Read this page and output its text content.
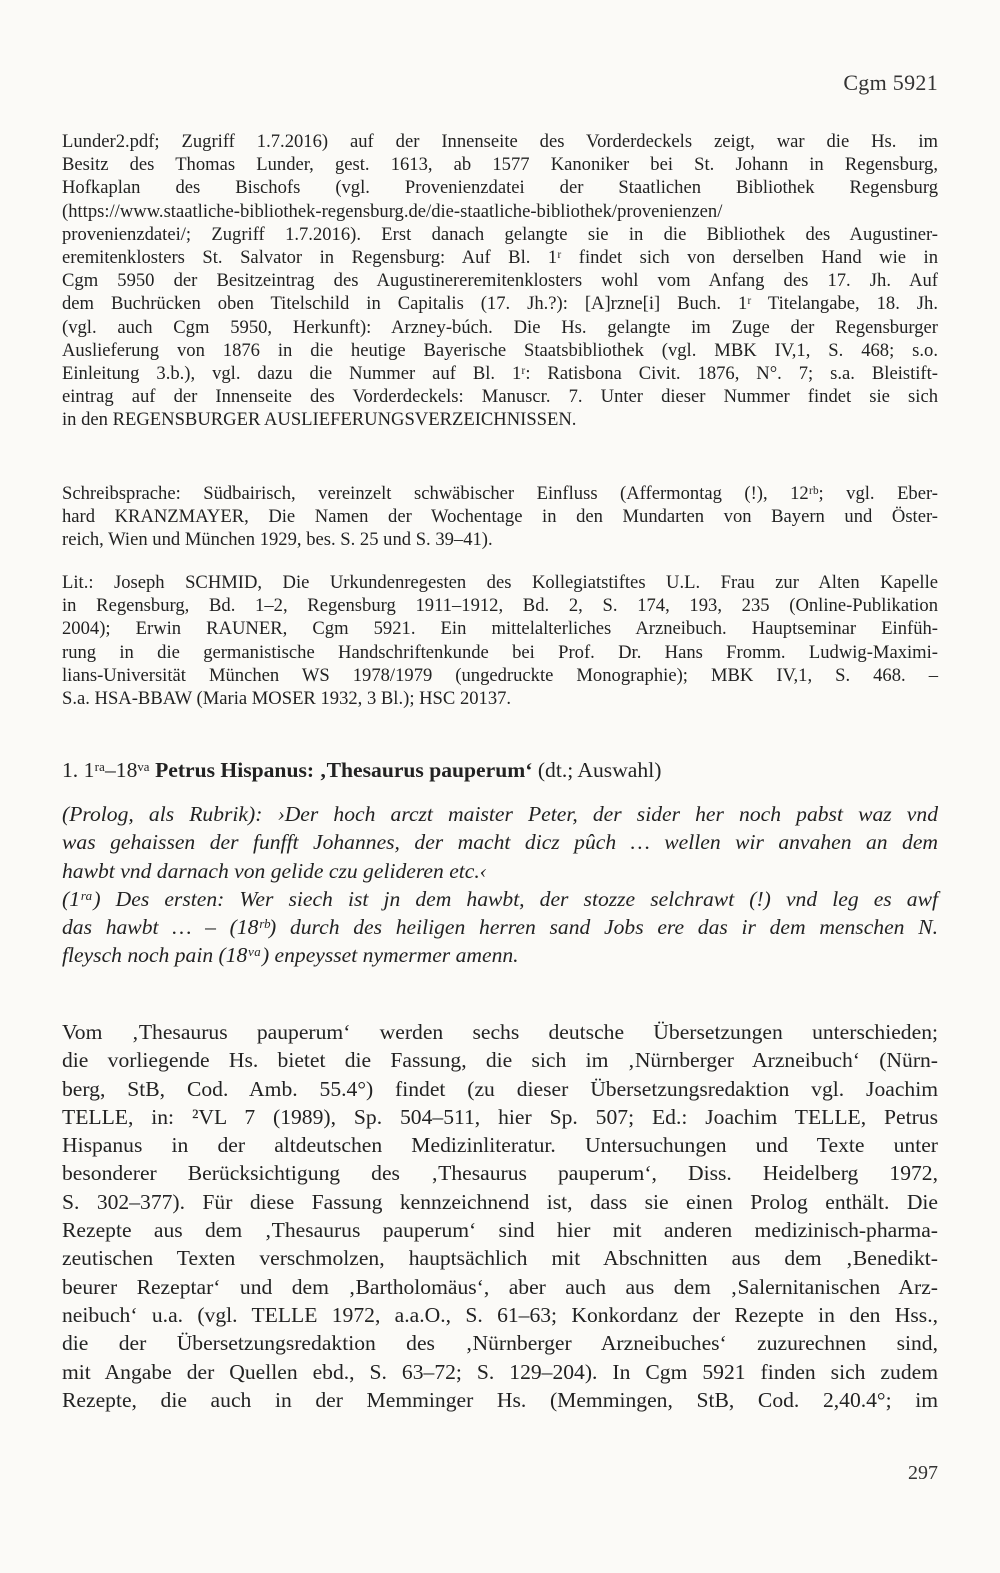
Cgm 5921
Lunder2.pdf; Zugriff 1.7.2016) auf der Innenseite des Vorderdeckels zeigt, war die Hs. im
Besitz des Thomas Lunder, gest. 1613, ab 1577 Kanoniker bei St. Johann in Regensburg,
Hofkaplan des Bischofs (vgl. Provenienzdatei der Staatlichen Bibliothek Regensburg
(https://www.staatliche-bibliothek-regensburg.de/die-staatliche-bibliothek/provenienzen/
provenienzdatei/; Zugriff 1.7.2016). Erst danach gelangte sie in die Bibliothek des Augustiner-
eremitenklosters St. Salvator in Regensburg: Auf Bl. 1ʳ findet sich von derselben Hand wie in
Cgm 5950 der Besitzeintrag des Augustinereremitenklosters wohl vom Anfang des 17. Jh. Auf
dem Buchrücken oben Titelschild in Capitalis (17. Jh.?): [A]rzne[i] Buch. 1ʳ Titelangabe, 18. Jh.
(vgl. auch Cgm 5950, Herkunft): Arzney-búch. Die Hs. gelangte im Zuge der Regensburger
Auslieferung von 1876 in die heutige Bayerische Staatsbibliothek (vgl. MBK IV,1, S. 468; s.o.
Einleitung 3.b.), vgl. dazu die Nummer auf Bl. 1ʳ: Ratisbona Civit. 1876, N°. 7; s.a. Bleistift-
eintrag auf der Innenseite des Vorderdeckels: Manuscr. 7. Unter dieser Nummer findet sie sich
in den REGENSBURGER AUSLIEFERUNGSVERZEICHNISSEN.
Schreibsprache: Südbairisch, vereinzelt schwäbischer Einfluss (Affermontag (!), 12ʳᵇ; vgl. Eber-
hard KRANZMAYER, Die Namen der Wochentage in den Mundarten von Bayern und Öster-
reich, Wien und München 1929, bes. S. 25 und S. 39–41).
Lit.: Joseph SCHMID, Die Urkundenregesten des Kollegiatstiftes U.L. Frau zur Alten Kapelle
in Regensburg, Bd. 1–2, Regensburg 1911–1912, Bd. 2, S. 174, 193, 235 (Online-Publikation
2004); Erwin RAUNER, Cgm 5921. Ein mittelalterliches Arzneibuch. Hauptseminar Einfüh-
rung in die germanistische Handschriftenkunde bei Prof. Dr. Hans Fromm. Ludwig-Maximi-
lians-Universität München WS 1978/1979 (ungedruckte Monographie); MBK IV,1, S. 468. –
S.a. HSA-BBAW (Maria MOSER 1932, 3 Bl.); HSC 20137.
1. 1ʳᵃ–18ᵛᵃ Petrus Hispanus: ‚Thesaurus pauperum‘ (dt.; Auswahl)
(Prolog, als Rubrik): ›Der hoch arczt maister Peter, der sider her noch pabst waz vnd
was gehaissen der funfft Johannes, der macht dicz pûch … wellen wir anvahen an dem
hawbt vnd darnach von gelide czu gelideren etc.‹
(1ʳᵃ) Des ersten: Wer siech ist jn dem hawbt, der stozze selchrawt (!) vnd leg es awf
das hawbt … – (18ʳᵇ) durch des heiligen herren sand Jobs ere das ir dem menschen N.
fleysch noch pain (18ᵛᵃ) enpeysset nymermer amenn.
Vom ‚Thesaurus pauperum‘ werden sechs deutsche Übersetzungen unterschieden;
die vorliegende Hs. bietet die Fassung, die sich im ‚Nürnberger Arzneibuch‘ (Nürn-
berg, StB, Cod. Amb. 55.4°) findet (zu dieser Übersetzungsredaktion vgl. Joachim
TELLE, in: ²VL 7 (1989), Sp. 504–511, hier Sp. 507; Ed.: Joachim TELLE, Petrus
Hispanus in der altdeutschen Medizinliteratur. Untersuchungen und Texte unter
besonderer Berücksichtigung des ‚Thesaurus pauperum‘, Diss. Heidelberg 1972,
S. 302–377). Für diese Fassung kennzeichnend ist, dass sie einen Prolog enthält. Die
Rezepte aus dem ‚Thesaurus pauperum‘ sind hier mit anderen medizinisch-pharma-
zeutischen Texten verschmolzen, hauptsächlich mit Abschnitten aus dem ‚Benedikt-
beurer Rezeptar‘ und dem ‚Bartholomäus‘, aber auch aus dem ‚Salernitanischen Arz-
neibuch‘ u.a. (vgl. TELLE 1972, a.a.O., S. 61–63; Konkordanz der Rezepte in den Hss.,
die der Übersetzungsredaktion des ‚Nürnberger Arzneibuches‘ zuzurechnen sind,
mit Angabe der Quellen ebd., S. 63–72; S. 129–204). In Cgm 5921 finden sich zudem
Rezepte, die auch in der Memminger Hs. (Memmingen, StB, Cod. 2,40.4°; im
297
